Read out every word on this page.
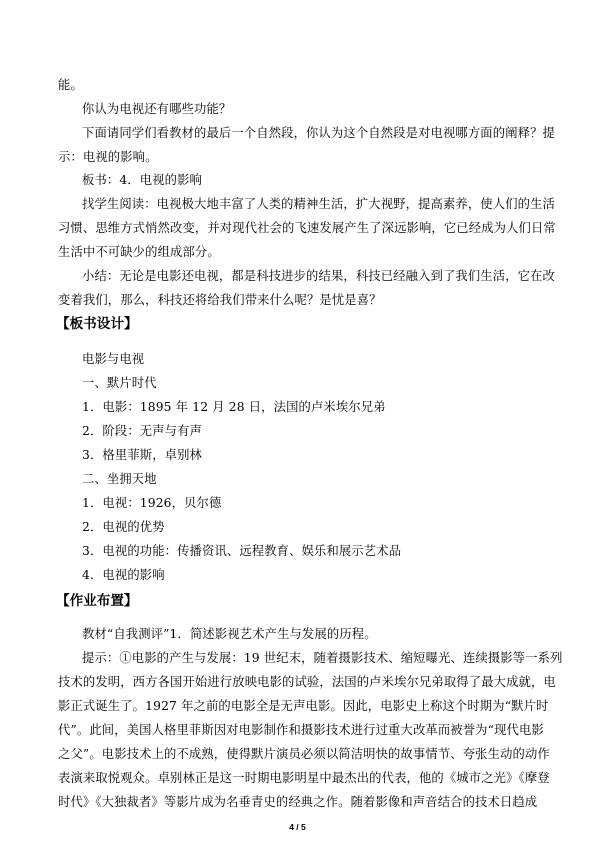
能。
你认为电视还有哪些功能？
下面请同学们看教材的最后一个自然段，你认为这个自然段是对电视哪方面的阐释？提
示：电视的影响。
板书：4．电视的影响
找学生阅读：电视极大地丰富了人类的精神生活，扩大视野，提高素养，使人们的生活
习惯、思维方式悄然改变，并对现代社会的飞速发展产生了深远影响，它已经成为人们日常
生活中不可缺少的组成部分。
小结：无论是电影还电视，都是科技进步的结果，科技已经融入到了我们生活，它在改
变着我们，那么，科技还将给我们带来什么呢？是忧是喜？
【板书设计】
电影与电视
一、默片时代
1．电影：1895 年 12 月 28 日，法国的卢米埃尔兄弟
2．阶段：无声与有声
3．格里菲斯，卓别林
二、坐拥天地
1．电视：1926，贝尔德
2．电视的优势
3．电视的功能：传播资讯、远程教育、娱乐和展示艺术品
4．电视的影响
【作业布置】
教材“自我测评”1．简述影视艺术产生与发展的历程。
提示：①电影的产生与发展：19 世纪末，随着摄影技术、缩短曝光、连续摄影等一系列
技术的发明，西方各国开始进行放映电影的试验，法国的卢米埃尔兄弟取得了最大成就，电
影正式诞生了。1927 年之前的电影全是无声电影。因此，电影史上称这个时期为“默片时
代”。此间，美国人格里菲斯因对电影制作和摄影技术进行过重大改革而被誉为“现代电影
之父”。电影技术上的不成熟，使得默片演员必须以简洁明快的故事情节、夸张生动的动作
表演来取悦观众。卓别林正是这一时期电影明星中最杰出的代表，他的《城市之光》《摩登
时代》《大独裁者》等影片成为名垂青史的经典之作。随着影像和声音结合的技术日趋成
4 / 5
